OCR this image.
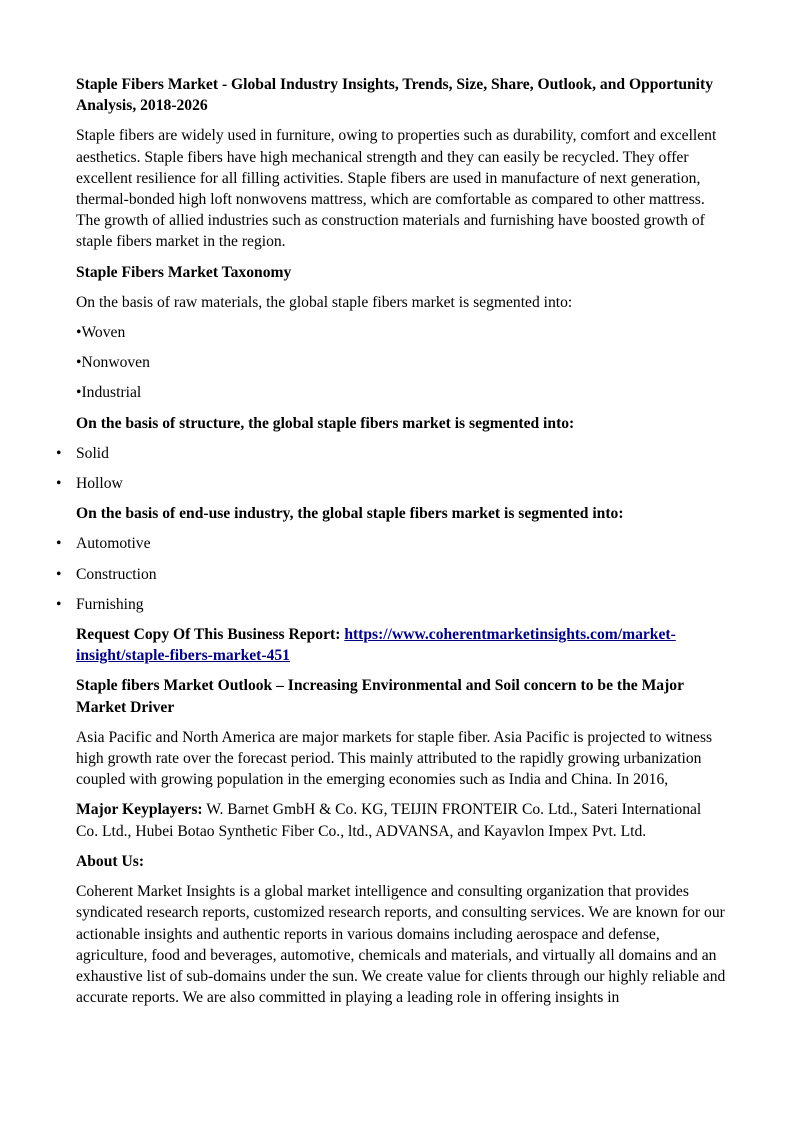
Staple Fibers Market - Global Industry Insights, Trends, Size, Share, Outlook, and Opportunity Analysis, 2018-2026

Staple fibers are widely used in furniture, owing to properties such as durability, comfort and excellent aesthetics. Staple fibers have high mechanical strength and they can easily be recycled. They offer excellent resilience for all filling activities. Staple fibers are used in manufacture of next generation, thermal-bonded high loft nonwovens mattress, which are comfortable as compared to other mattress. The growth of allied industries such as construction materials and furnishing have boosted growth of staple fibers market in the region.

Staple Fibers Market Taxonomy

On the basis of raw materials, the global staple fibers market is segmented into:

•Woven

•Nonwoven

•Industrial

On the basis of structure, the global staple fibers market is segmented into:

• Solid
• Hollow

On the basis of end-use industry, the global staple fibers market is segmented into:

• Automotive
• Construction
• Furnishing

Request Copy Of This Business Report: https://www.coherentmarketinsights.com/market-insight/staple-fibers-market-451

Staple fibers Market Outlook – Increasing Environmental and Soil concern to be the Major Market Driver

Asia Pacific and North America are major markets for staple fiber. Asia Pacific is projected to witness high growth rate over the forecast period. This mainly attributed to the rapidly growing urbanization coupled with growing population in the emerging economies such as India and China. In 2016,

Major Keyplayers: W. Barnet GmbH & Co. KG, TEIJIN FRONTEIR Co. Ltd., Sateri International Co. Ltd., Hubei Botao Synthetic Fiber Co., ltd., ADVANSA, and Kayavlon Impex Pvt. Ltd.

About Us:

Coherent Market Insights is a global market intelligence and consulting organization that provides syndicated research reports, customized research reports, and consulting services. We are known for our actionable insights and authentic reports in various domains including aerospace and defense, agriculture, food and beverages, automotive, chemicals and materials, and virtually all domains and an exhaustive list of sub-domains under the sun. We create value for clients through our highly reliable and accurate reports. We are also committed in playing a leading role in offering insights in
